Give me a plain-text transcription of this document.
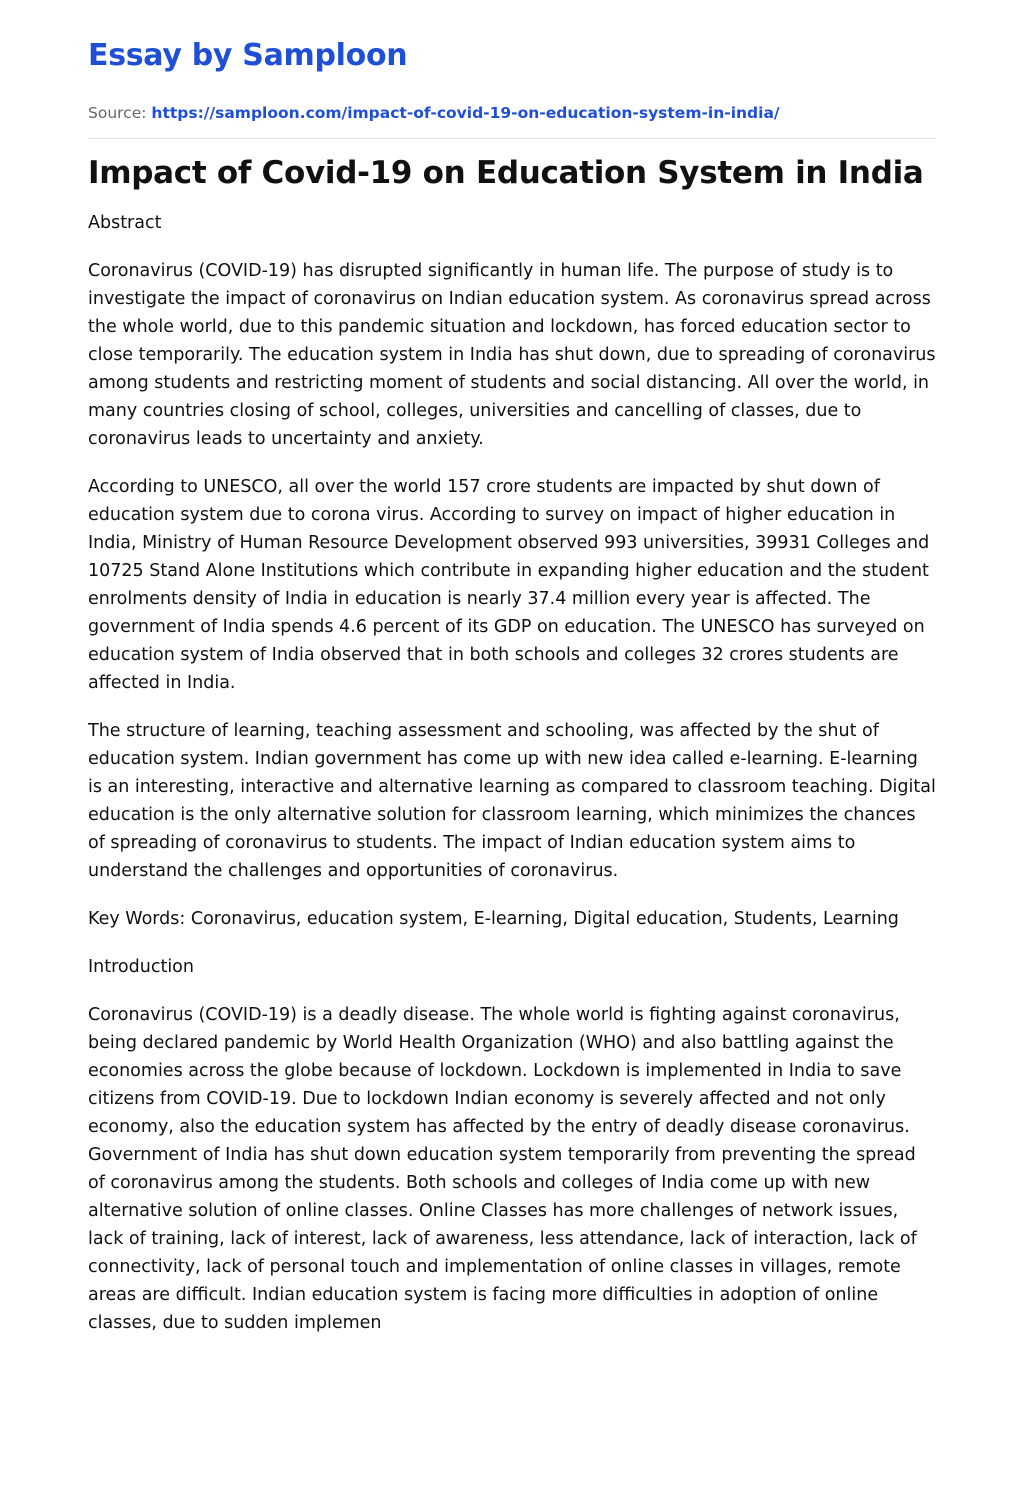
Essay by Samploon
Source: https://samploon.com/impact-of-covid-19-on-education-system-in-india/
Impact of Covid-19 on Education System in India

Abstract

Coronavirus (COVID-19) has disrupted significantly in human life. The purpose of study is to investigate the impact of coronavirus on Indian education system. As coronavirus spread across the whole world, due to this pandemic situation and lockdown, has forced education sector to close temporarily. The education system in India has shut down, due to spreading of coronavirus among students and restricting moment of students and social distancing. All over the world, in many countries closing of school, colleges, universities and cancelling of classes, due to coronavirus leads to uncertainty and anxiety.

According to UNESCO, all over the world 157 crore students are impacted by shut down of education system due to corona virus. According to survey on impact of higher education in India, Ministry of Human Resource Development observed 993 universities, 39931 Colleges and 10725 Stand Alone Institutions which contribute in expanding higher education and the student enrolments density of India in education is nearly 37.4 million every year is affected. The government of India spends 4.6 percent of its GDP on education. The UNESCO has surveyed on education system of India observed that in both schools and colleges 32 crores students are affected in India.

The structure of learning, teaching assessment and schooling, was affected by the shut of education system. Indian government has come up with new idea called e-learning. E-learning is an interesting, interactive and alternative learning as compared to classroom teaching. Digital education is the only alternative solution for classroom learning, which minimizes the chances of spreading of coronavirus to students. The impact of Indian education system aims to understand the challenges and opportunities of coronavirus.

Key Words: Coronavirus, education system, E-learning, Digital education, Students, Learning

Introduction

Coronavirus (COVID-19) is a deadly disease. The whole world is fighting against coronavirus, being declared pandemic by World Health Organization (WHO) and also battling against the economies across the globe because of lockdown. Lockdown is implemented in India to save citizens from COVID-19. Due to lockdown Indian economy is severely affected and not only economy, also the education system has affected by the entry of deadly disease coronavirus. Government of India has shut down education system temporarily from preventing the spread of coronavirus among the students. Both schools and colleges of India come up with new alternative solution of online classes. Online Classes has more challenges of network issues, lack of training, lack of interest, lack of awareness, less attendance, lack of interaction, lack of connectivity, lack of personal touch and implementation of online classes in villages, remote areas are difficult. Indian education system is facing more difficulties in adoption of online classes, due to sudden implemen
